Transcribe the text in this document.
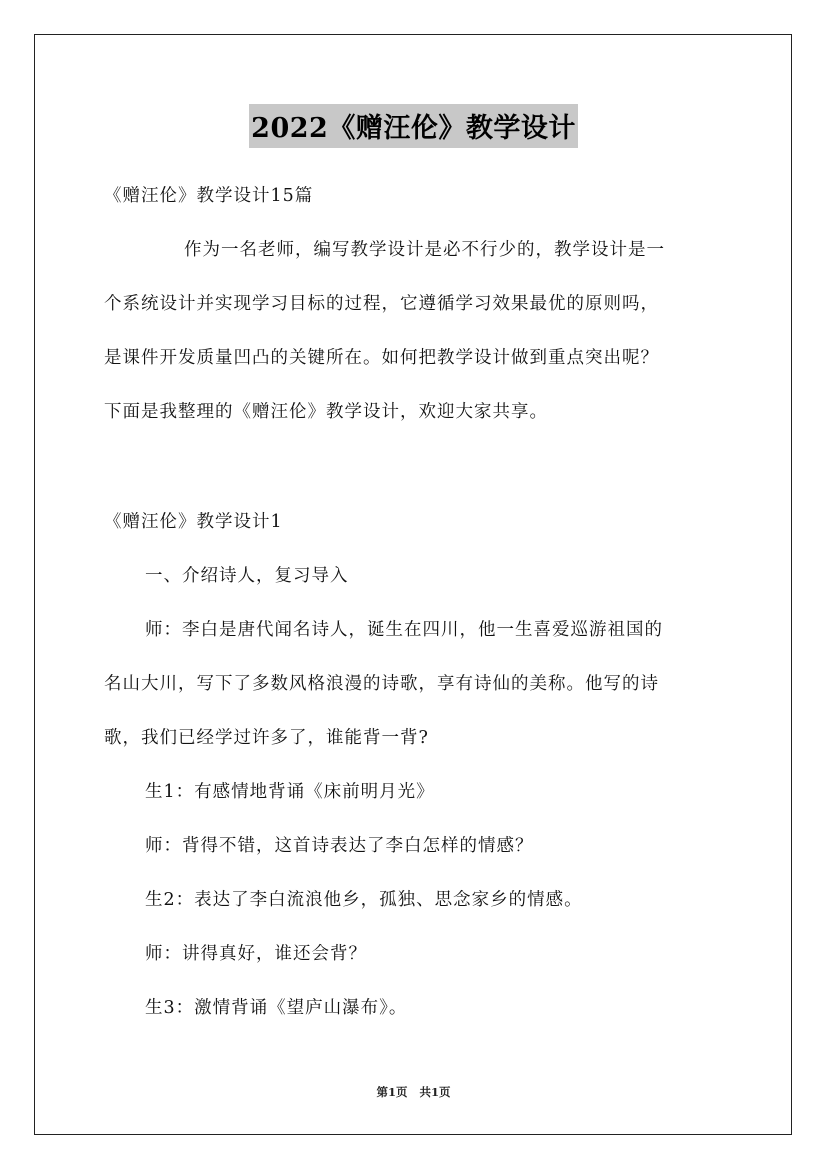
2022《赠汪伦》教学设计
《赠汪伦》教学设计15篇
作为一名老师，编写教学设计是必不行少的，教学设计是一
个系统设计并实现学习目标的过程，它遵循学习效果最优的原则吗，
是课件开发质量凹凸的关键所在。如何把教学设计做到重点突出呢？
下面是我整理的《赠汪伦》教学设计，欢迎大家共享。
《赠汪伦》教学设计1
一、介绍诗人，复习导入
师：李白是唐代闻名诗人，诞生在四川，他一生喜爱巡游祖国的
名山大川，写下了多数风格浪漫的诗歌，享有诗仙的美称。他写的诗
歌，我们已经学过许多了，谁能背一背?
生1：有感情地背诵《床前明月光》
师：背得不错，这首诗表达了李白怎样的情感？
生2：表达了李白流浪他乡，孤独、思念家乡的情感。
师：讲得真好，谁还会背？
生3：激情背诵《望庐山瀑布》。
第1页 共1页
